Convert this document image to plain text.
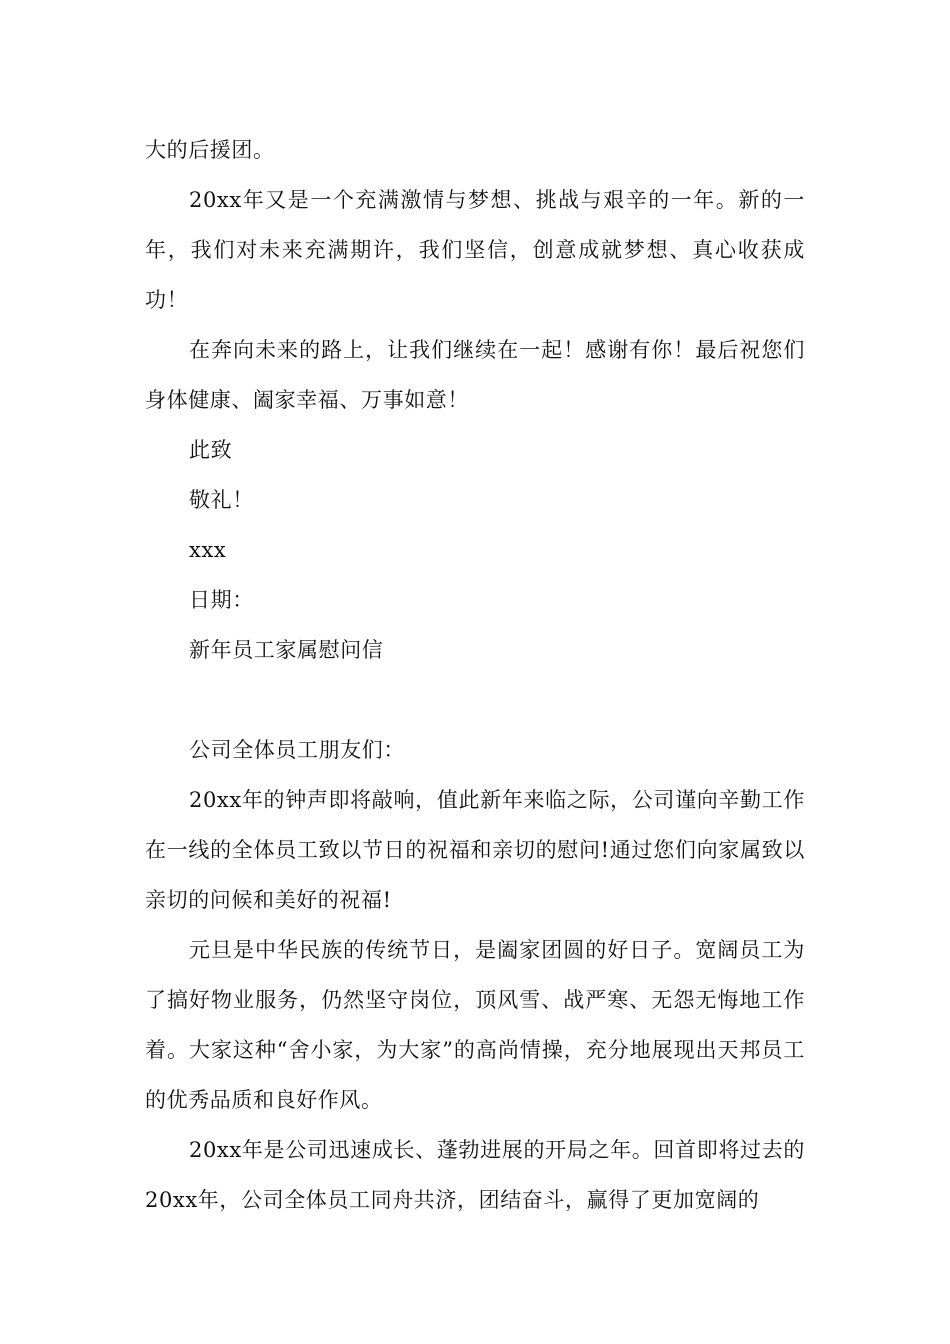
大的后援团。

20xx年又是一个充满激情与梦想、挑战与艰辛的一年。新的一年，我们对未来充满期许，我们坚信，创意成就梦想、真心收获成功！

在奔向未来的路上，让我们继续在一起！感谢有你！最后祝您们身体健康、阖家幸福、万事如意！

此致

敬礼！

xxx

日期：

新年员工家属慰问信

公司全体员工朋友们：

20xx年的钟声即将敲响，值此新年来临之际，公司谨向辛勤工作在一线的全体员工致以节日的祝福和亲切的慰问!通过您们向家属致以亲切的问候和美好的祝福!

元旦是中华民族的传统节日，是阖家团圆的好日子。宽阔员工为了搞好物业服务，仍然坚守岗位，顶风雪、战严寒、无怨无悔地工作着。大家这种“舍小家，为大家”的高尚情操，充分地展现出天邦员工的优秀品质和良好作风。

20xx年是公司迅速成长、蓬勃进展的开局之年。回首即将过去的20xx年，公司全体员工同舟共济，团结奋斗，赢得了更加宽阔的
